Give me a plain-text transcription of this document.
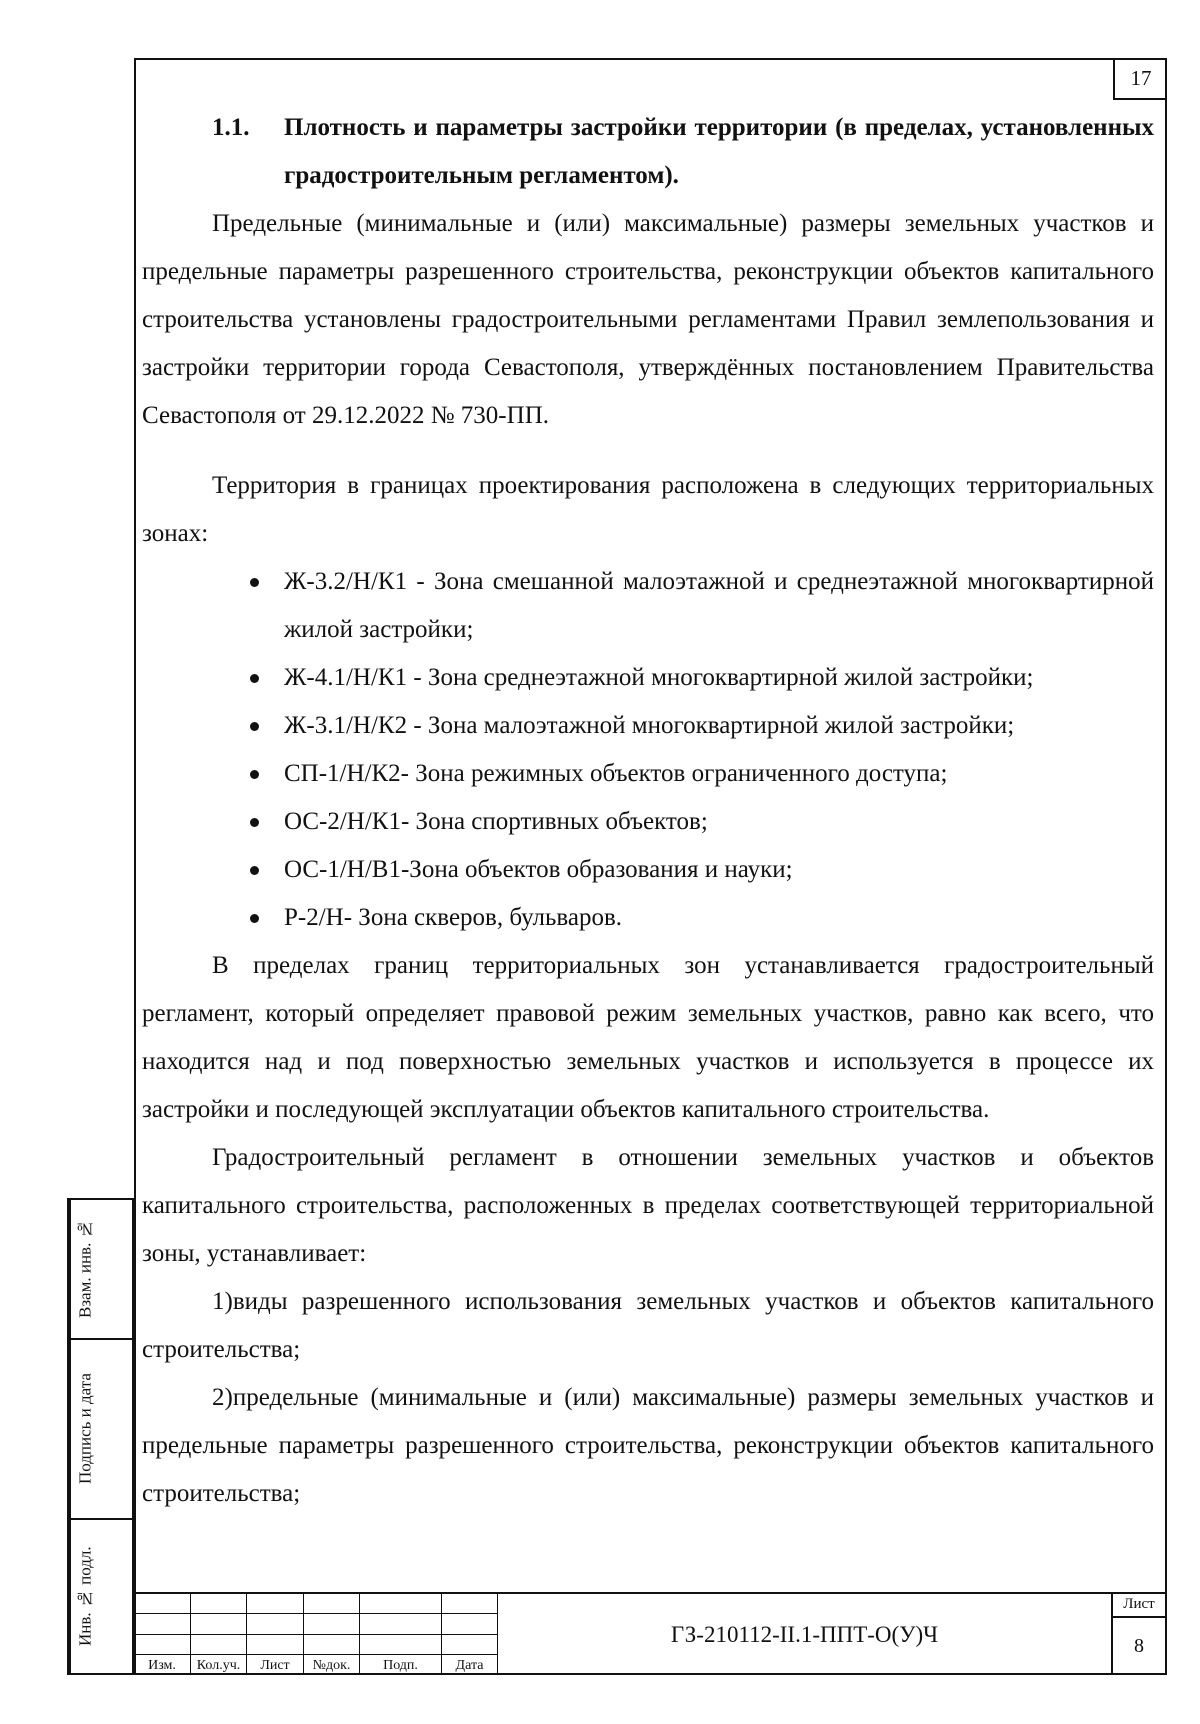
17
1.1.	Плотность и параметры застройки территории (в пределах, установленных градостроительным регламентом).

Предельные (минимальные и (или) максимальные) размеры земельных участков и предельные параметры разрешенного строительства, реконструкции объектов капитального строительства установлены градостроительными регламентами Правил землепользования и застройки территории города Севастополя, утверждённых постановлением Правительства Севастополя от 29.12.2022 № 730-ПП.

Территория в границах проектирования расположена в следующих территориальных зонах:

Ж-3.2/Н/К1 - Зона смешанной малоэтажной и среднеэтажной многоквартирной жилой застройки;
Ж-4.1/Н/К1 - Зона среднеэтажной многоквартирной жилой застройки;
Ж-3.1/Н/К2 - Зона малоэтажной многоквартирной жилой застройки;
СП-1/Н/К2- Зона режимных объектов ограниченного доступа;
ОС-2/Н/К1- Зона спортивных объектов;
ОС-1/Н/В1-Зона объектов образования и науки;
Р-2/Н- Зона скверов, бульваров.

В пределах границ территориальных зон устанавливается градостроительный регламент, который определяет правовой режим земельных участков, равно как всего, что находится над и под поверхностью земельных участков и используется в процессе их застройки и последующей эксплуатации объектов капитального строительства.

Градостроительный регламент в отношении земельных участков и объектов капитального строительства, расположенных в пределах соответствующей территориальной зоны, устанавливает:

1)виды разрешенного использования земельных участков и объектов капитального строительства;

2)предельные (минимальные и (или) максимальные) размеры земельных участков и предельные параметры разрешенного строительства, реконструкции объектов капитального строительства;

Взам. инв. №
Подпись и дата
Инв. № подл.
Изм.	Кол.уч.	Лист	№док.	Подп.	Дата
ГЗ-210112-II.1-ППТ-О(У)Ч
Лист
8
